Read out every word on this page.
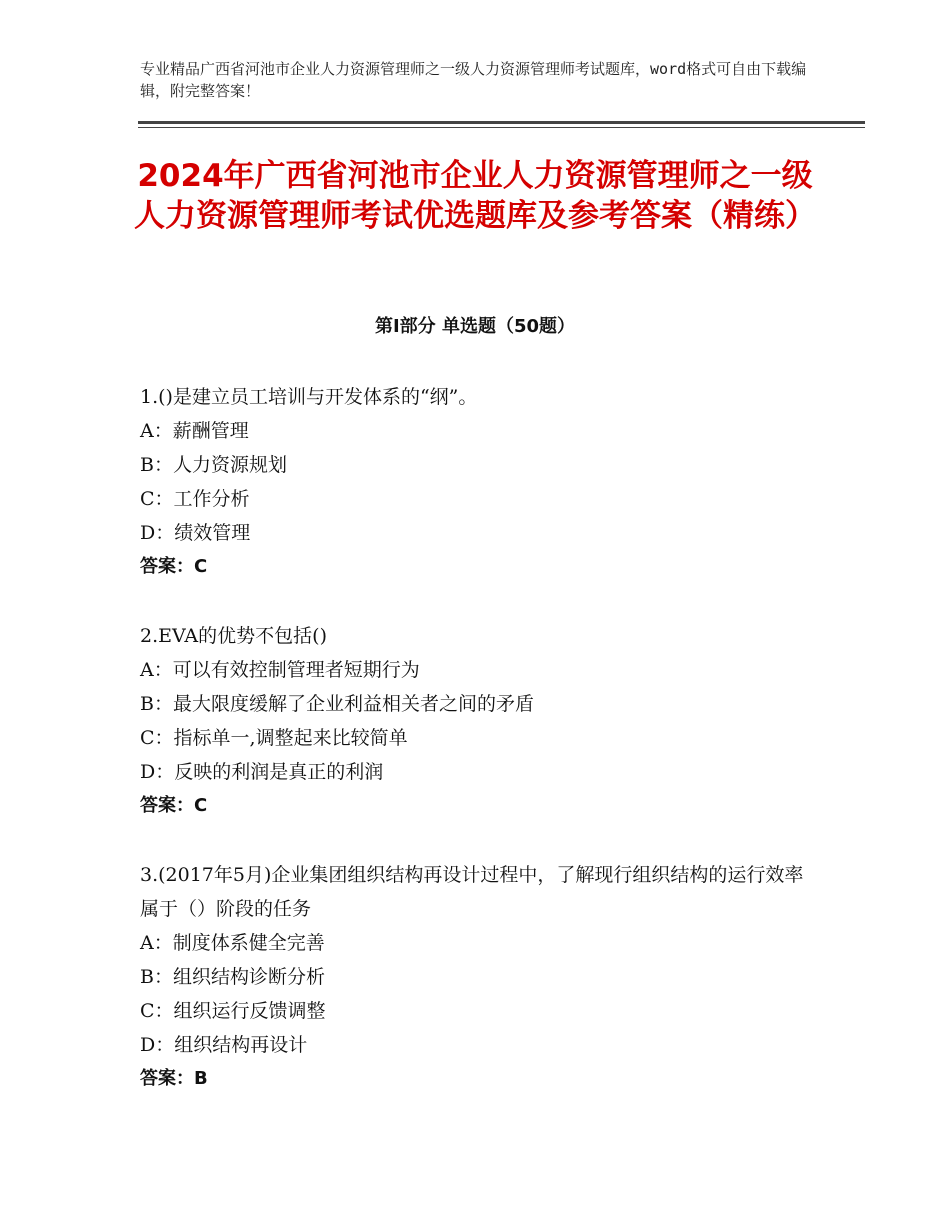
专业精品广西省河池市企业人力资源管理师之一级人力资源管理师考试题库，word格式可自由下载编辑，附完整答案！
2024年广西省河池市企业人力资源管理师之一级人力资源管理师考试优选题库及参考答案（精练）
第Ⅰ部分 单选题（50题）

1.()是建立员工培训与开发体系的“纲”。

A：薪酬管理

B：人力资源规划

C：工作分析

D：绩效管理

答案：C

2.EVA的优势不包括()

A：可以有效控制管理者短期行为

B：最大限度缓解了企业利益相关者之间的矛盾

C：指标单一,调整起来比较简单

D：反映的利润是真正的利润

答案：C

3.(2017年5月)企业集团组织结构再设计过程中，了解现行组织结构的运行效率属于（）阶段的任务

A：制度体系健全完善

B：组织结构诊断分析

C：组织运行反馈调整

D：组织结构再设计

答案：B
